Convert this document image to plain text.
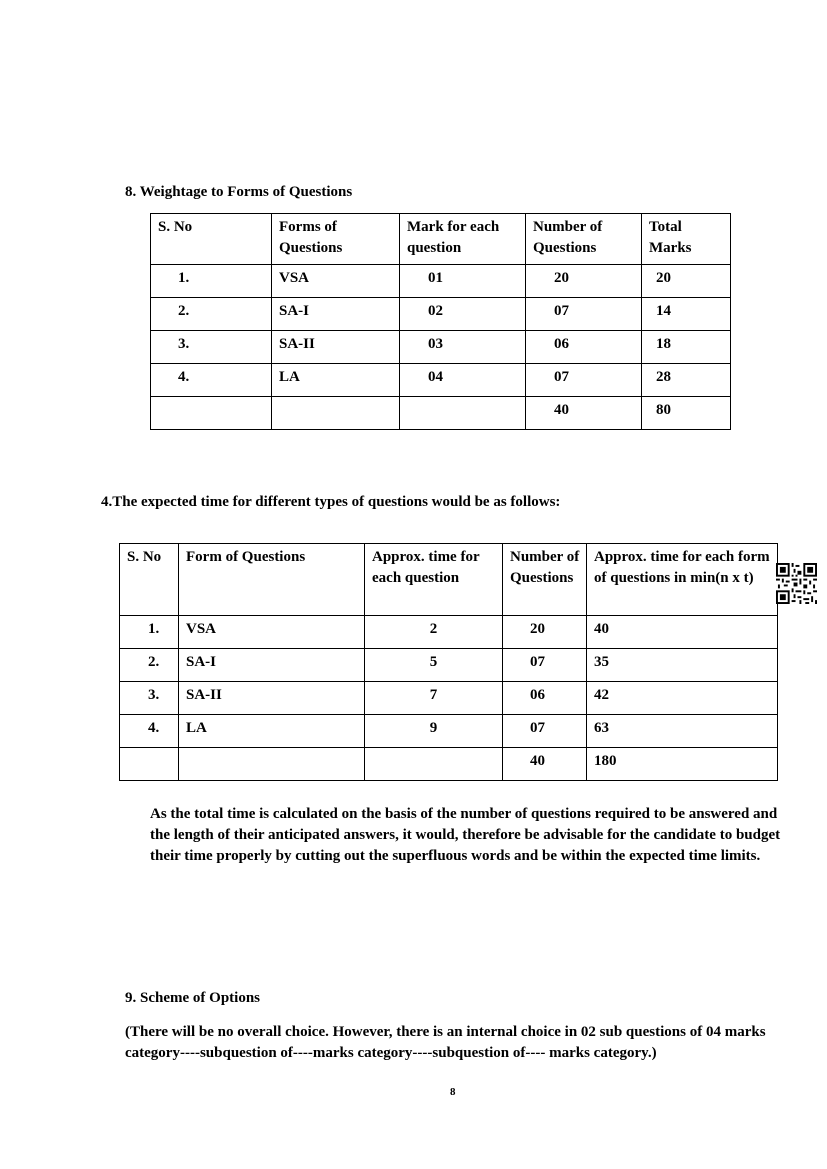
8. Weightage to Forms of Questions
S. No	Forms of Questions	Mark for each question	Number of Questions	Total Marks
1.	VSA	01	20	20
2.	SA-I	02	07	14
3.	SA-II	03	06	18
4.	LA	04	07	28
			40	80
4.The expected time for different types of questions would be as follows:
S. No	Form of Questions	Approx. time for each question	Number of Questions	Approx. time for each form of questions in min(n x t)
1.	VSA	2	20	40
2.	SA-I	5	07	35
3.	SA-II	7	06	42
4.	LA	9	07	63
			40	180
As the total time is calculated on the basis of the number of questions required to be answered and the length of their anticipated answers, it would, therefore be advisable for the candidate to budget their time properly by cutting out the superfluous words and be within the expected time limits.
9. Scheme of Options
(There will be no overall choice. However, there is an internal choice in 02 sub questions of 04 marks category----subquestion of----marks category----subquestion of---- marks category.)
8
